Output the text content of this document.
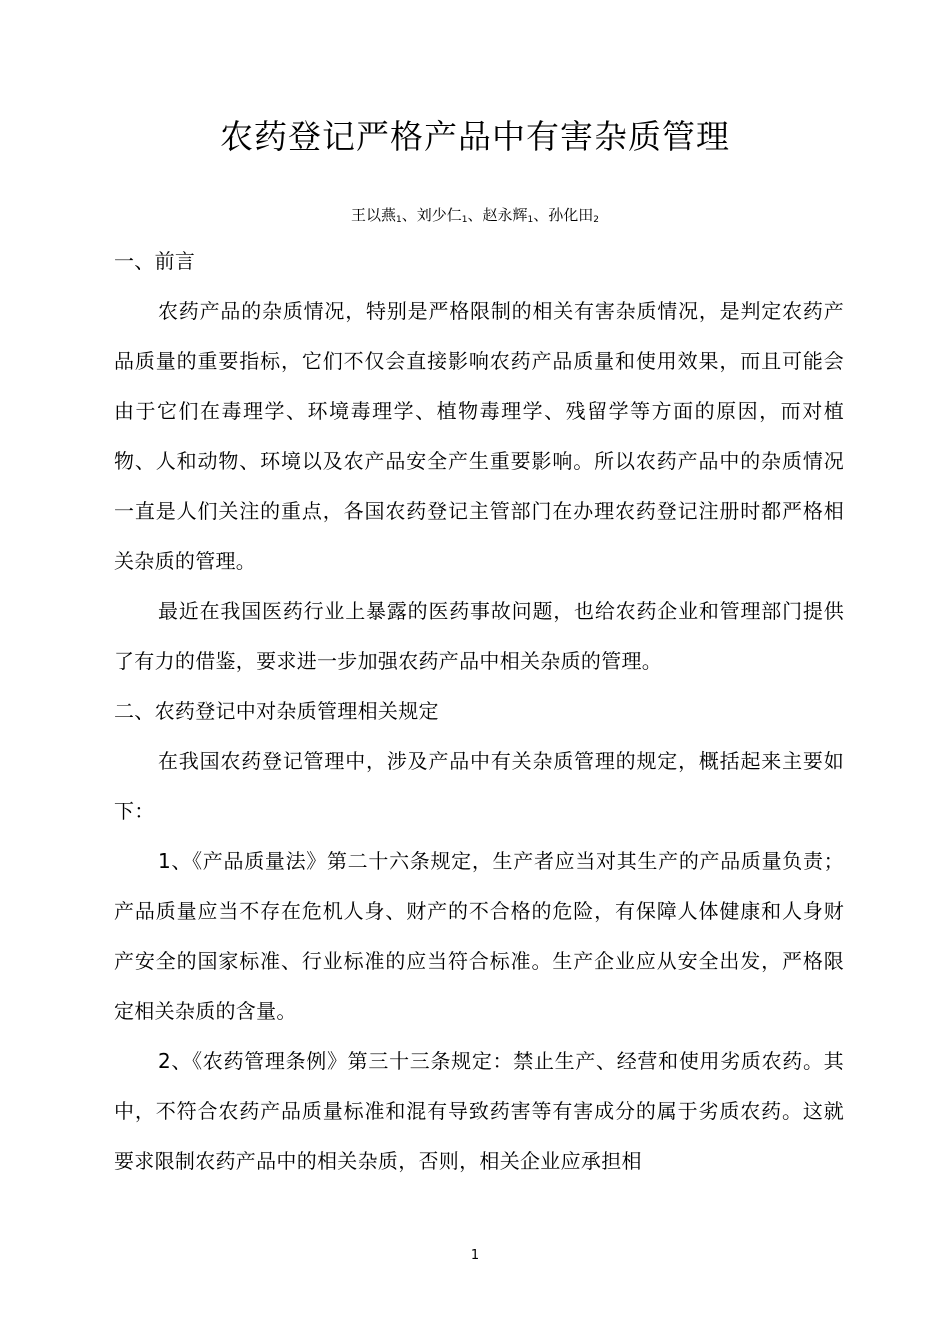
农药登记严格产品中有害杂质管理
王以燕$_1$、刘少仁$_1$、赵永辉$_1$、孙化田$_2$

一、前言

农药产品的杂质情况，特别是严格限制的相关有害杂质情况，是判定农药产品质量的重要指标，它们不仅会直接影响农药产品质量和使用效果，而且可能会由于它们在毒理学、环境毒理学、植物毒理学、残留学等方面的原因，而对植物、人和动物、环境以及农产品安全产生重要影响。所以农药产品中的杂质情况一直是人们关注的重点，各国农药登记主管部门在办理农药登记注册时都严格相关杂质的管理。

最近在我国医药行业上暴露的医药事故问题，也给农药企业和管理部门提供了有力的借鉴，要求进一步加强农药产品中相关杂质的管理。

二、农药登记中对杂质管理相关规定

在我国农药登记管理中，涉及产品中有关杂质管理的规定，概括起来主要如下：

1、《产品质量法》第二十六条规定，生产者应当对其生产的产品质量负责；产品质量应当不存在危机人身、财产的不合格的危险，有保障人体健康和人身财产安全的国家标准、行业标准的应当符合标准。生产企业应从安全出发，严格限定相关杂质的含量。

2、《农药管理条例》第三十三条规定：禁止生产、经营和使用劣质农药。其中，不符合农药产品质量标准和混有导致药害等有害成分的属于劣质农药。这就要求限制农药产品中的相关杂质，否则，相关企业应承担相

1
